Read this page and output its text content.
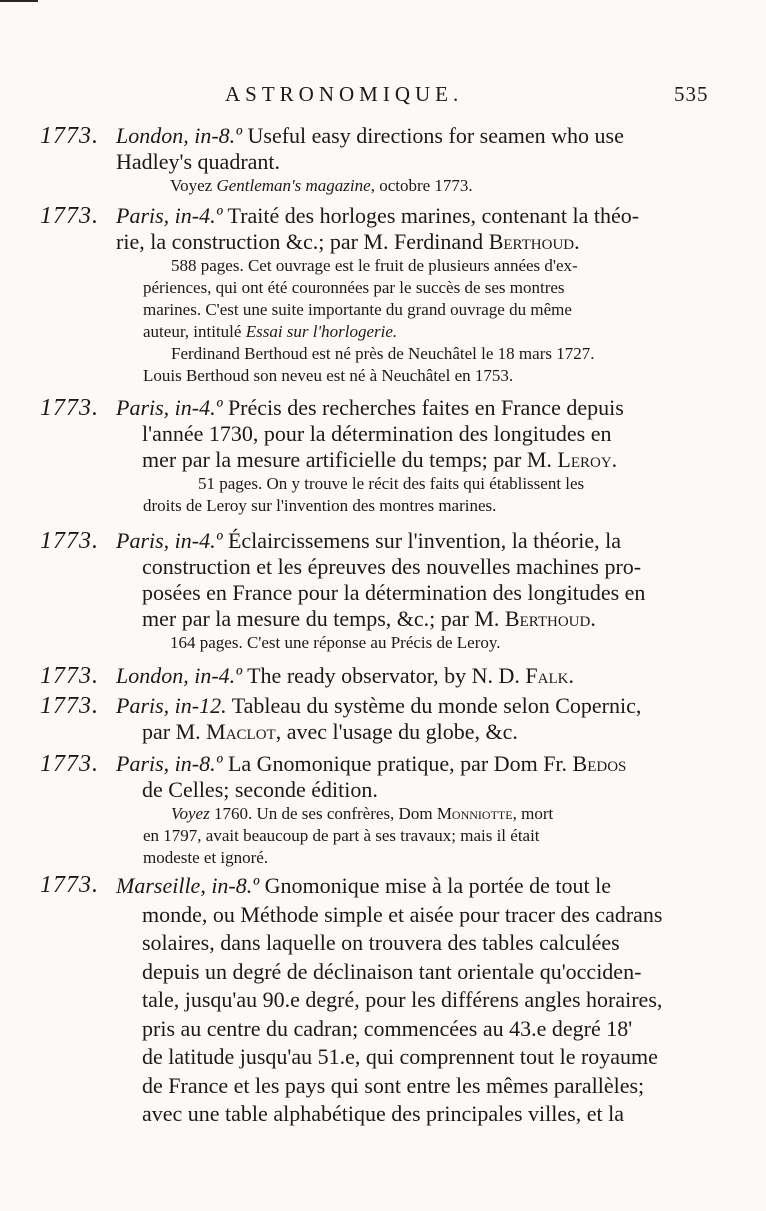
ASTRONOMIQUE.	535
1773. London, in-8.º Useful easy directions for seamen who use
Hadley's quadrant.
Voyez Gentleman's magazine, octobre 1773.
1773. Paris, in-4.º Traité des horloges marines, contenant la théo-
rie, la construction &c.; par M. Ferdinand Berthoud.
588 pages. Cet ouvrage est le fruit de plusieurs années d'ex-
périences, qui ont été couronnées par le succès de ses montres
marines. C'est une suite importante du grand ouvrage du même
auteur, intitulé Essai sur l'horlogerie.
Ferdinand Berthoud est né près de Neuchâtel le 18 mars 1727.
Louis Berthoud son neveu est né à Neuchâtel en 1753.
1773. Paris, in-4.º Précis des recherches faites en France depuis
l'année 1730, pour la détermination des longitudes en
mer par la mesure artificielle du temps; par M. Leroy.
51 pages. On y trouve le récit des faits qui établissent les
droits de Leroy sur l'invention des montres marines.
1773. Paris, in-4.º Éclaircissemens sur l'invention, la théorie, la
construction et les épreuves des nouvelles machines pro-
posées en France pour la détermination des longitudes en
mer par la mesure du temps, &c.; par M. Berthoud.
164 pages. C'est une réponse au Précis de Leroy.
1773. London, in-4.º The ready observator, by N. D. Falk.
1773. Paris, in-12. Tableau du système du monde selon Copernic,
par M. Maclot, avec l'usage du globe, &c.
1773. Paris, in-8.º La Gnomonique pratique, par Dom Fr. Bedos
de Celles; seconde édition.
Voyez 1760. Un de ses confrères, Dom Monniotte, mort
en 1797, avait beaucoup de part à ses travaux; mais il était
modeste et ignoré.
1773. Marseille, in-8.º Gnomonique mise à la portée de tout le
monde, ou Méthode simple et aisée pour tracer des cadrans
solaires, dans laquelle on trouvera des tables calculées
depuis un degré de déclinaison tant orientale qu'occiden-
tale, jusqu'au 90.e degré, pour les différens angles horaires,
pris au centre du cadran; commencées au 43.e degré 18'
de latitude jusqu'au 51.e, qui comprennent tout le royaume
de France et les pays qui sont entre les mêmes parallèles;
avec une table alphabétique des principales villes, et la
